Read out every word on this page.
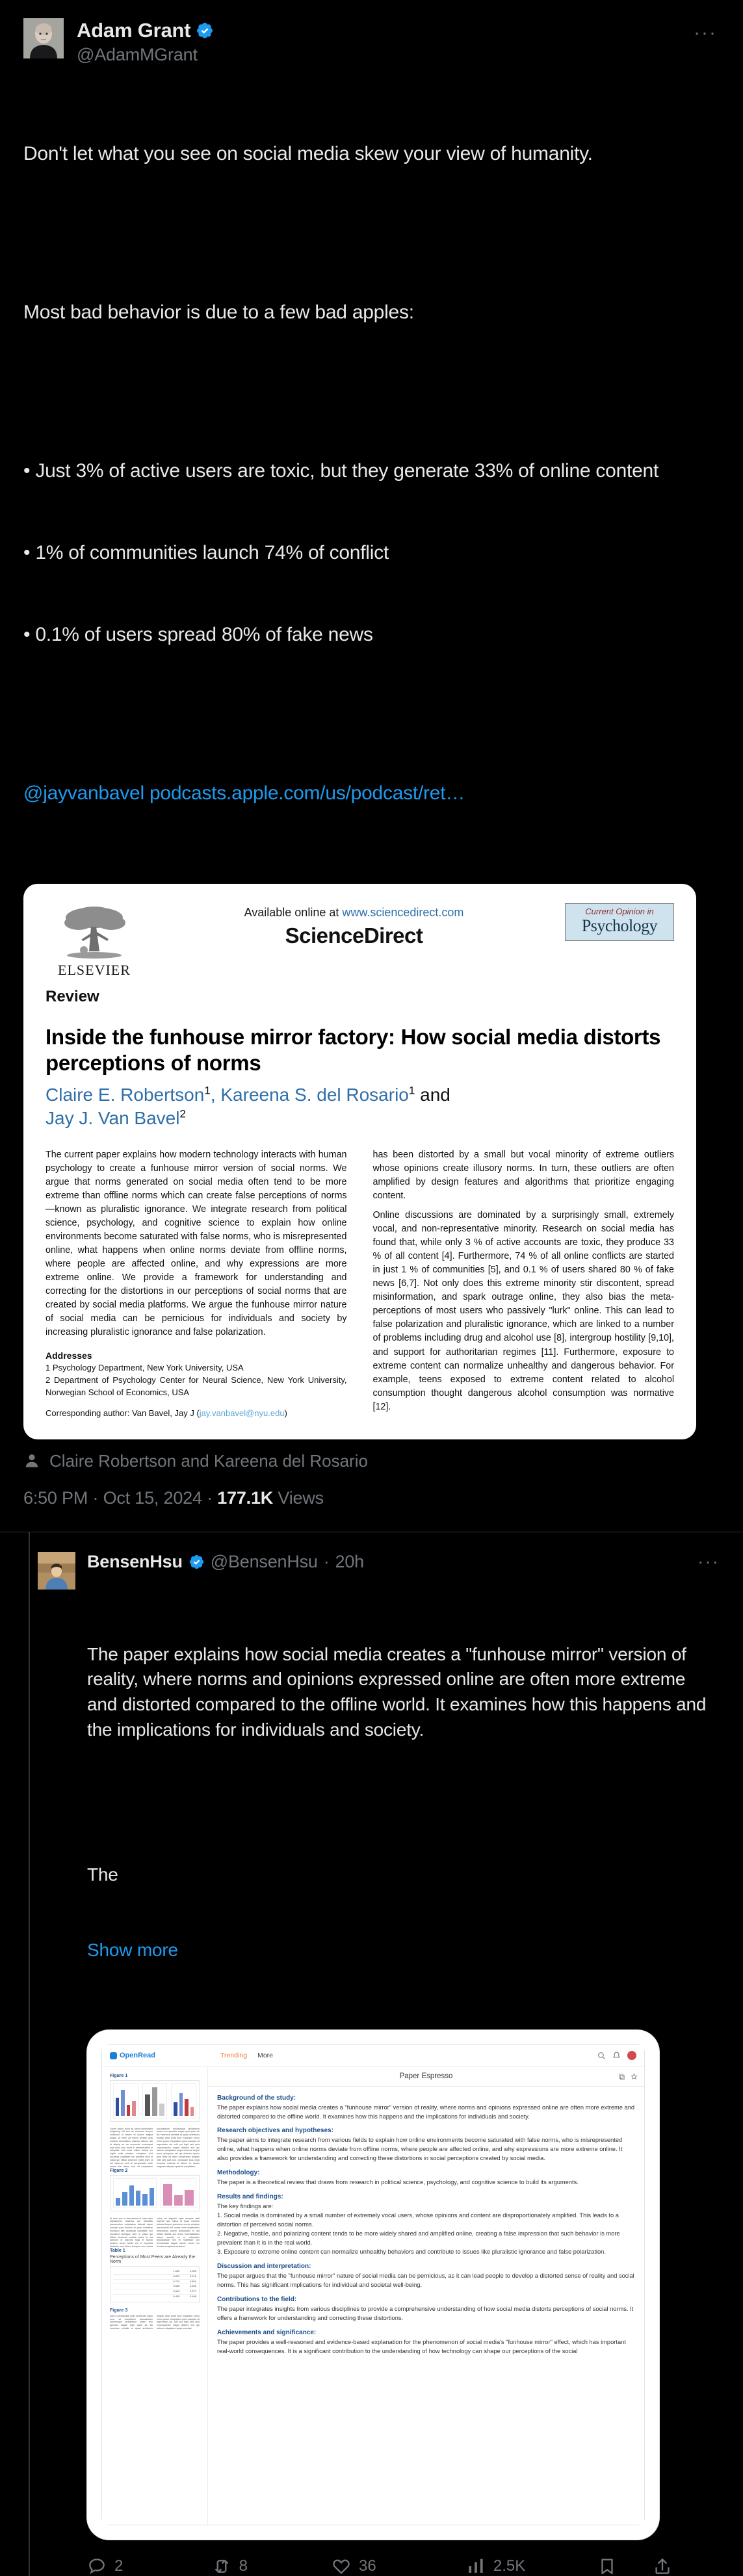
Adam Grant
@AdamMGrant
···

Don't let what you see on social media skew your view of humanity.

Most bad behavior is due to a few bad apples:

• Just 3% of active users are toxic, but they generate 33% of online content

• 1% of communities launch 74% of conflict

• 0.1% of users spread 80% of fake news

@jayvanbavel podcasts.apple.com/us/podcast/ret…

ELSEVIER
Available online at www.sciencedirect.com
ScienceDirect
Current Opinion in
Psychology
Review
Inside the funhouse mirror factory: How social media distorts perceptions of norms
Claire E. Robertson$^1$, Kareena S. del Rosario$^1$ and
Jay J. Van Bavel$^2$

The current paper explains how modern technology interacts with human psychology to create a funhouse mirror version of social norms. We argue that norms generated on social media often tend to be more extreme than offline norms which can create false perceptions of norms—known as pluralistic ignorance. We integrate research from political science, psychology, and cognitive science to explain how online environments become saturated with false norms, who is misrepresented online, what happens when online norms deviate from offline norms, where people are affected online, and why expressions are more extreme online. We provide a framework for understanding and correcting for the distortions in our perceptions of social norms that are created by social media platforms. We argue the funhouse mirror nature of social media can be pernicious for individuals and society by increasing pluralistic ignorance and false polarization.

Addresses
1 Psychology Department, New York University, USA
2 Department of Psychology Center for Neural Science, New York University, Norwegian School of Economics, USA
Corresponding author: Van Bavel, Jay J (jay.vanbavel@nyu.edu)

has been distorted by a small but vocal minority of extreme outliers whose opinions create illusory norms. In turn, these outliers are often amplified by design features and algorithms that prioritize engaging content.

Online discussions are dominated by a surprisingly small, extremely vocal, and non-representative minority. Research on social media has found that, while only 3 % of active accounts are toxic, they produce 33 % of all content [4]. Furthermore, 74 % of all online conflicts are started in just 1 % of communities [5], and 0.1 % of users shared 80 % of fake news [6,7]. Not only does this extreme minority stir discontent, spread misinformation, and spark outrage online, they also bias the meta-perceptions of most users who passively "lurk" online. This can lead to false polarization and pluralistic ignorance, which are linked to a number of problems including drug and alcohol use [8], intergroup hostility [9,10], and support for authoritarian regimes [11]. Furthermore, exposure to extreme content can normalize unhealthy and dangerous behavior. For example, teens exposed to extreme content related to alcohol consumption thought dangerous alcohol consumption was normative [12].

Claire Robertson and Kareena del Rosario
6:50 PM · Oct 15, 2024 · 177.1K Views
BensenHsu @BensenHsu · 20h	···

The paper explains how social media creates a "funhouse mirror" version of reality, where norms and opinions expressed online are often more extreme and distorted compared to the offline world. It examines how this happens and the implications for individuals and society.

The

Show more

OpenRead	Trending More
Figure 1
Lorem ipsum dolor sit amet consectetur adipiscing elit sed do eiusmod tempor incididunt ut labore et dolore magna aliqua. Ut enim ad minim veniam quis nostrud exercitation ullamco laboris nisi ut aliquip ex ea commodo consequat duis aute irure dolor in reprehenderit in voluptate velit esse cillum dolore eu fugiat nulla pariatur excepteur sint occaecat cupidatat non proident sunt in culpa qui officia deserunt mollit anim id est laborum sed ut perspiciatis unde omnis iste natus error sit voluptatem accusantium doloremque laudantium totam rem aperiam eaque ipsa quae ab illo inventore veritatis et quasi architecto beatae vitae dicta sunt explicabo nemo enim ipsam voluptatem quia voluptas sit aspernatur aut odit aut fugit sed quia consequuntur magni dolores eos qui ratione voluptatem sequi nesciunt neque porro quisquam est qui dolorem ipsum quia dolor sit amet consectetur adipisci velit sed quia non numquam eius modi tempora incidunt ut labore et dolore magnam aliquam quaerat voluptatem.
Figure 2
At vero eos et accusamus et iusto odio dignissimos ducimus qui blanditiis praesentium voluptatum deleniti atque corrupti quos dolores et quas molestias excepturi sint occaecati cupiditate non provident similique sunt in culpa qui officia deserunt mollitia animi id est laborum et dolorum fuga et harum quidem rerum facilis est et expedita distinctio nam libero tempore cum soluta nobis est eligendi optio cumque nihil impedit quo minus id quod maxime placeat facere possimus omnis voluptas assumenda est omnis dolor repellendus temporibus autem quibusdam et aut officiis debitis aut rerum necessitatibus saepe eveniet ut et voluptates repudiandae sint et molestiae non recusandae itaque earum rerum hic tenetur a sapiente delectus.
Table 1
Perceptions of Most Peers are Already the Norm
1.000	1.000
0.870	0.912
0.743	0.801
0.655	0.690
0.512	0.577
0.430	0.468
Figure 3
Sed ut perspiciatis unde omnis iste natus error sit voluptatem accusantium doloremque laudantium totam rem aperiam eaque ipsa quae ab illo inventore veritatis et quasi architecto beatae vitae dicta sunt explicabo nemo enim ipsam voluptatem quia voluptas sit aspernatur aut odit aut fugit sed quia consequuntur magni dolores eos qui ratione voluptatem sequi nesciunt.
Paper Espresso
Background of the study:
The paper explains how social media creates a "funhouse mirror" version of reality, where norms and opinions expressed online are often more extreme and distorted compared to the offline world. It examines how this happens and the implications for individuals and society.
Research objectives and hypotheses:
The paper aims to integrate research from various fields to explain how online environments become saturated with false norms, who is misrepresented online, what happens when online norms deviate from offline norms, where people are affected online, and why expressions are more extreme online. It also provides a framework for understanding and correcting these distortions in social perceptions created by social media.
Methodology:
The paper is a theoretical review that draws from research in political science, psychology, and cognitive science to build its arguments.
Results and findings:
The key findings are:
1. Social media is dominated by a small number of extremely vocal users, whose opinions and content are disproportionately amplified. This leads to a distortion of perceived social norms.
2. Negative, hostile, and polarizing content tends to be more widely shared and amplified online, creating a false impression that such behavior is more prevalent than it is in the real world.
3. Exposure to extreme online content can normalize unhealthy behaviors and contribute to issues like pluralistic ignorance and false polarization.
Discussion and interpretation:
The paper argues that the "funhouse mirror" nature of social media can be pernicious, as it can lead people to develop a distorted sense of reality and social norms. This has significant implications for individual and societal well-being.
Contributions to the field:
The paper integrates insights from various disciplines to provide a comprehensive understanding of how social media distorts perceptions of social norms. It offers a framework for understanding and correcting these distortions.
Achievements and significance:
The paper provides a well-reasoned and evidence-based explanation for the phenomenon of social media's "funhouse mirror" effect, which has important real-world consequences. It is a significant contribution to the understanding of how technology can shape our perceptions of the social
2	8	36	2.5K
